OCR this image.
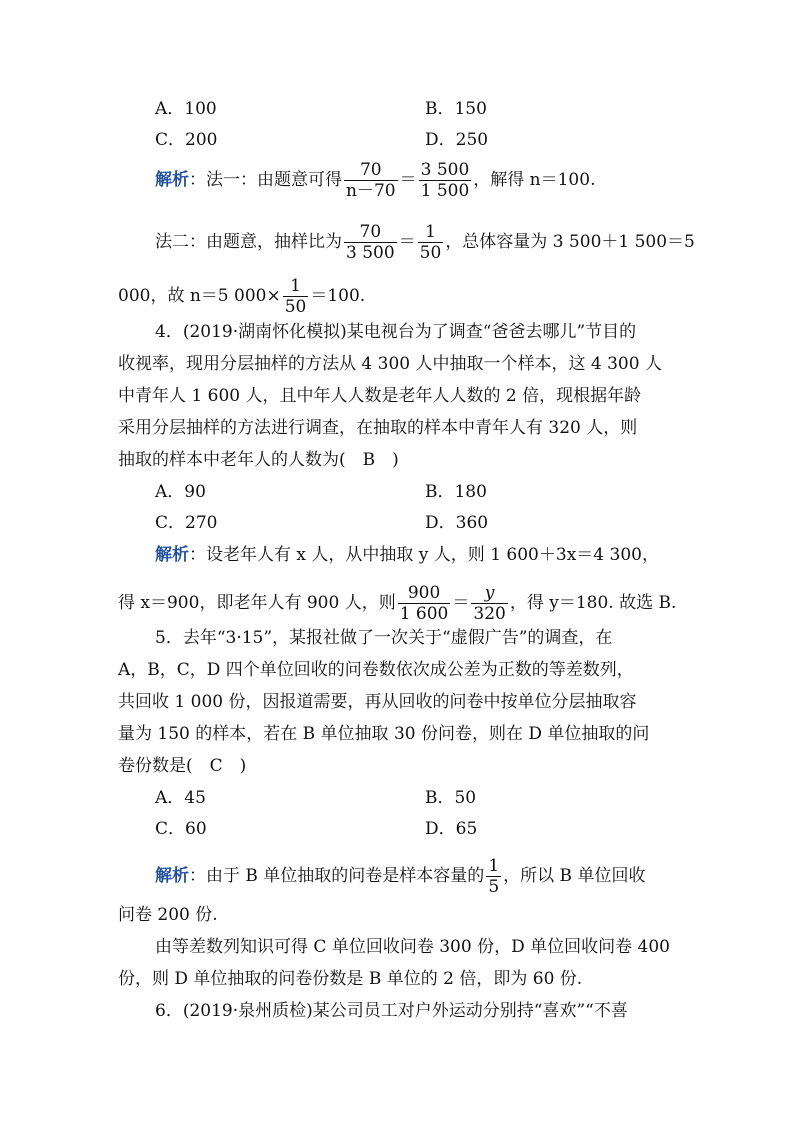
A．100	B．150
C．200	D．250
解析：法一：由题意可得 $\frac{70}{n-70} = \frac{3 500}{1 500}$ ，解得 n＝100.
法二：由题意，抽样比为 $\frac{70}{3 500} = \frac{1}{50}$ ，总体容量为 3 500＋1 500＝5
000，故 n＝5 $000\times \frac{1}{50} =100$.
4．(2019·湖南怀化模拟)某电视台为了调查“爸爸去哪儿”节目的
收视率，现用分层抽样的方法从 4 300 人中抽取一个样本，这 4 300 人
中青年人 1 600 人，且中年人人数是老年人人数的 2 倍，现根据年龄
采用分层抽样的方法进行调查，在抽取的样本中青年人有 320 人，则
抽取的样本中老年人的人数为(　B　)
A．90	B．180
C．270	D．360
解析：设老年人有 x 人，从中抽取 y 人，则 1 600＋3x＝4 300，
得 x＝900，即老年人有 900 人，则 $\frac{900}{1 600} = \frac{y}{320}$ ，得 y＝180. 故选 B.
5．去年“3·15”，某报社做了一次关于“虚假广告”的调查，在
A，B，C，D 四个单位回收的问卷数依次成公差为正数的等差数列，
共回收 1 000 份，因报道需要，再从回收的问卷中按单位分层抽取容
量为 150 的样本，若在 B 单位抽取 30 份问卷，则在 D 单位抽取的问
卷份数是(　C　)
A．45	B．50
C．60	D．65
解析：由于 B 单位抽取的问卷是样本容量的 $\frac{1}{5}$ ，所以 B 单位回收
问卷 200 份.
由等差数列知识可得 C 单位回收问卷 300 份，D 单位回收问卷 400
份，则 D 单位抽取的问卷份数是 B 单位的 2 倍，即为 60 份.
6．(2019·泉州质检)某公司员工对户外运动分别持“喜欢”“不喜
